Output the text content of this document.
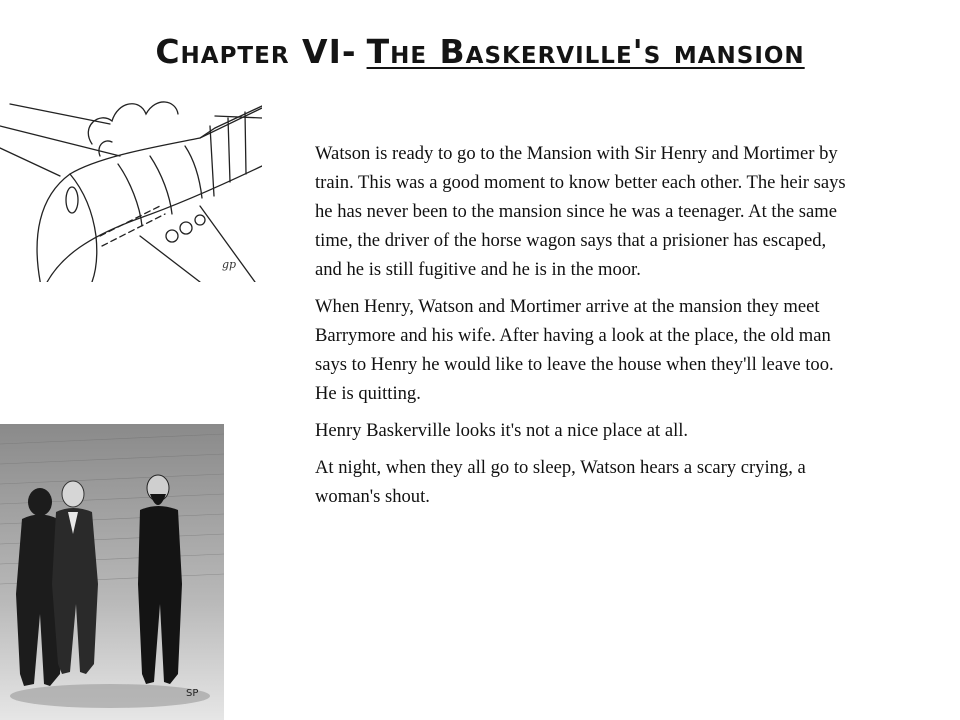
Chapter VI- The Baskerville's mansion
gp
SP

Watson is ready to go to the Mansion with Sir Henry and Mortimer by train. This was a good moment to know better each other. The heir says he has never been to the mansion since he was a teenager. At the same time, the driver of the horse wagon says that a prisioner has escaped, and he is still fugitive and he is in the moor.

When Henry, Watson and Mortimer arrive at the mansion they meet Barrymore and his wife. After having a look at the place, the old man says to Henry he would like to leave the house when they'll leave too. He is quitting.

Henry Baskerville looks it's not a nice place at all.

At night, when they all go to sleep, Watson hears a scary crying, a woman's shout.
